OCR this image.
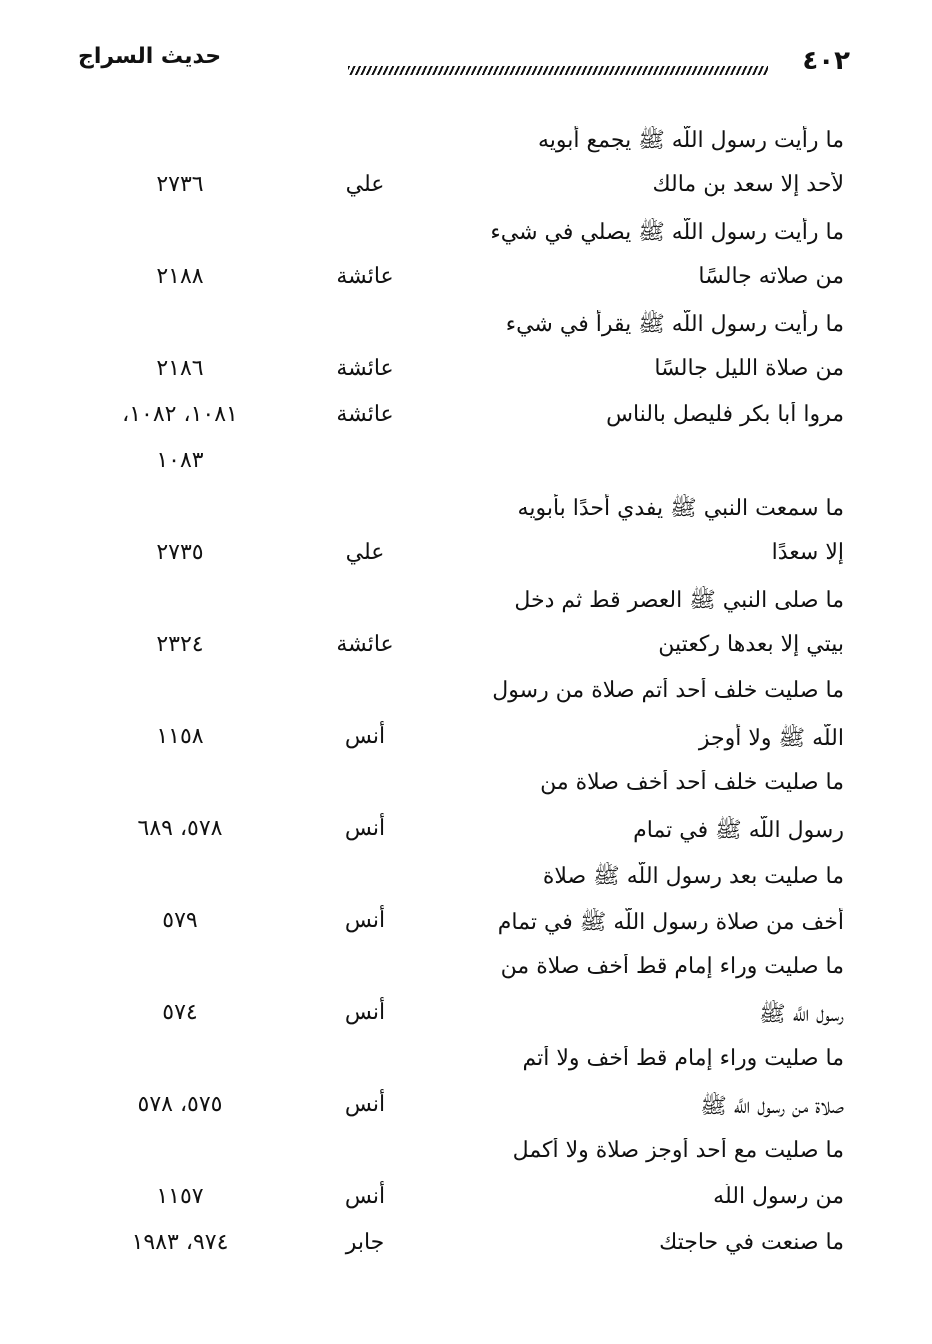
حديث السراج	٤٠٢
ما رأيت رسول اللَّه ﷺ يجمع أبويه
لأحد إلا سعد بن مالك
علي
٢٧٣٦
ما رأيت رسول اللَّه ﷺ يصلي في شيء
من صلاته جالسًا
عائشة
٢١٨٨
ما رأيت رسول اللَّه ﷺ يقرأ في شيء
من صلاة الليل جالسًا
عائشة
٢١٨٦
مروا أبا بكر فليصل بالناس
عائشة
١٠٨١، ١٠٨٢،
١٠٨٣
ما سمعت النبي ﷺ يفدي أحدًا بأبويه
إلا سعدًا
علي
٢٧٣٥
ما صلى النبي ﷺ العصر قط ثم دخل
بيتي إلا بعدها ركعتين
عائشة
٢٣٢٤
ما صليت خلف أحد أتم صلاة من رسول
اللَّه ﷺ ولا أوجز
أنس
١١٥٨
ما صليت خلف أحد أخف صلاة من
رسول اللَّه ﷺ في تمام
أنس
٥٧٨، ٦٨٩
ما صليت بعد رسول اللَّه ﷺ صلاة
أخف من صلاة رسول اللَّه ﷺ في تمام
أنس
٥٧٩
ما صليت وراء إمام قط أخف صلاة من
رسول اللَّه ﷺ
أنس
٥٧٤
ما صليت وراء إمام قط أخف ولا أتم
صلاة من رسول اللَّه ﷺ
أنس
٥٧٥، ٥٧٨
ما صليت مع أحد أوجز صلاة ولا أكمل
من رسول اللَّه
أنس
١١٥٧
ما صنعت في حاجتك
جابر
٩٧٤، ١٩٨٣
